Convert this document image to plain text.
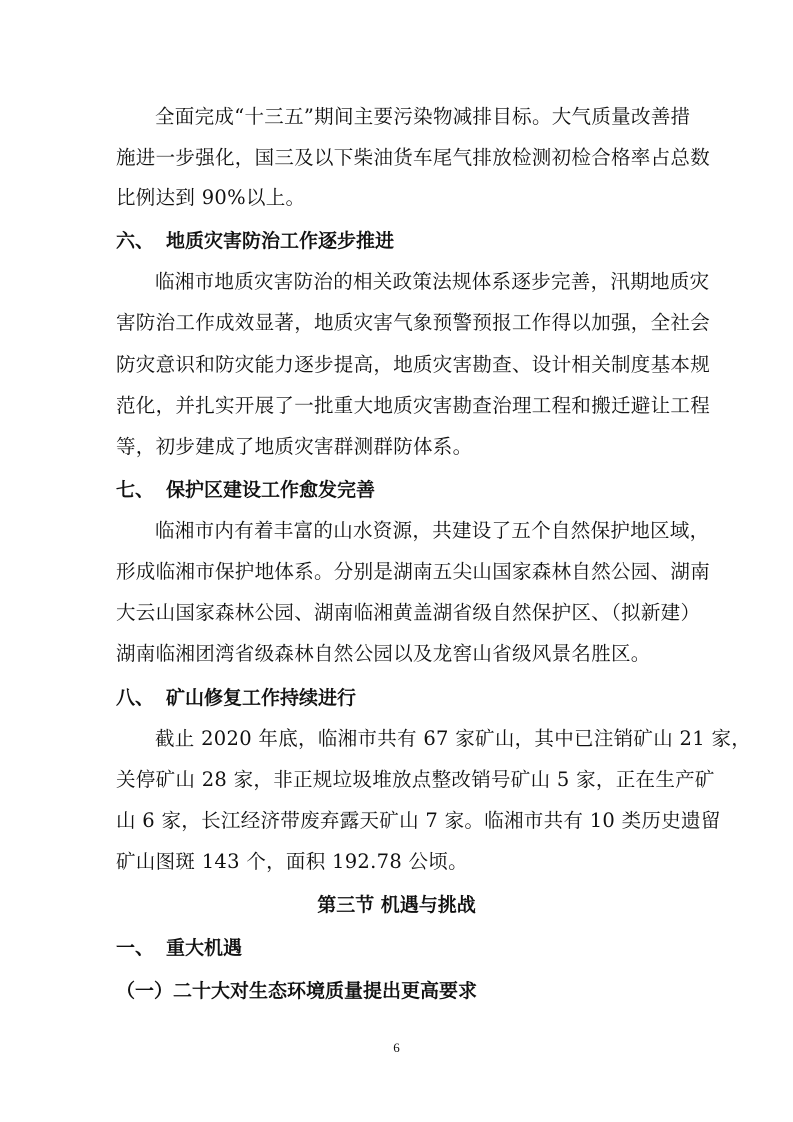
全面完成“十三五”期间主要污染物减排目标。大气质量改善措
施进一步强化，国三及以下柴油货车尾气排放检测初检合格率占总数
比例达到 90%以上。
六、 地质灾害防治工作逐步推进
临湘市地质灾害防治的相关政策法规体系逐步完善，汛期地质灾
害防治工作成效显著，地质灾害气象预警预报工作得以加强，全社会
防灾意识和防灾能力逐步提高，地质灾害勘查、设计相关制度基本规
范化，并扎实开展了一批重大地质灾害勘查治理工程和搬迁避让工程
等，初步建成了地质灾害群测群防体系。
七、 保护区建设工作愈发完善
临湘市内有着丰富的山水资源，共建设了五个自然保护地区域，
形成临湘市保护地体系。分别是湖南五尖山国家森林自然公园、湖南
大云山国家森林公园、湖南临湘黄盖湖省级自然保护区、（拟新建）
湖南临湘团湾省级森林自然公园以及龙窖山省级风景名胜区。
八、 矿山修复工作持续进行
截止 2020 年底，临湘市共有 67 家矿山，其中已注销矿山 21 家，
关停矿山 28 家，非正规垃圾堆放点整改销号矿山 5 家，正在生产矿
山 6 家，长江经济带废弃露天矿山 7 家。临湘市共有 10 类历史遗留
矿山图斑 143 个，面积 192.78 公顷。
第三节 机遇与挑战
一、 重大机遇
（一）二十大对生态环境质量提出更高要求
6
